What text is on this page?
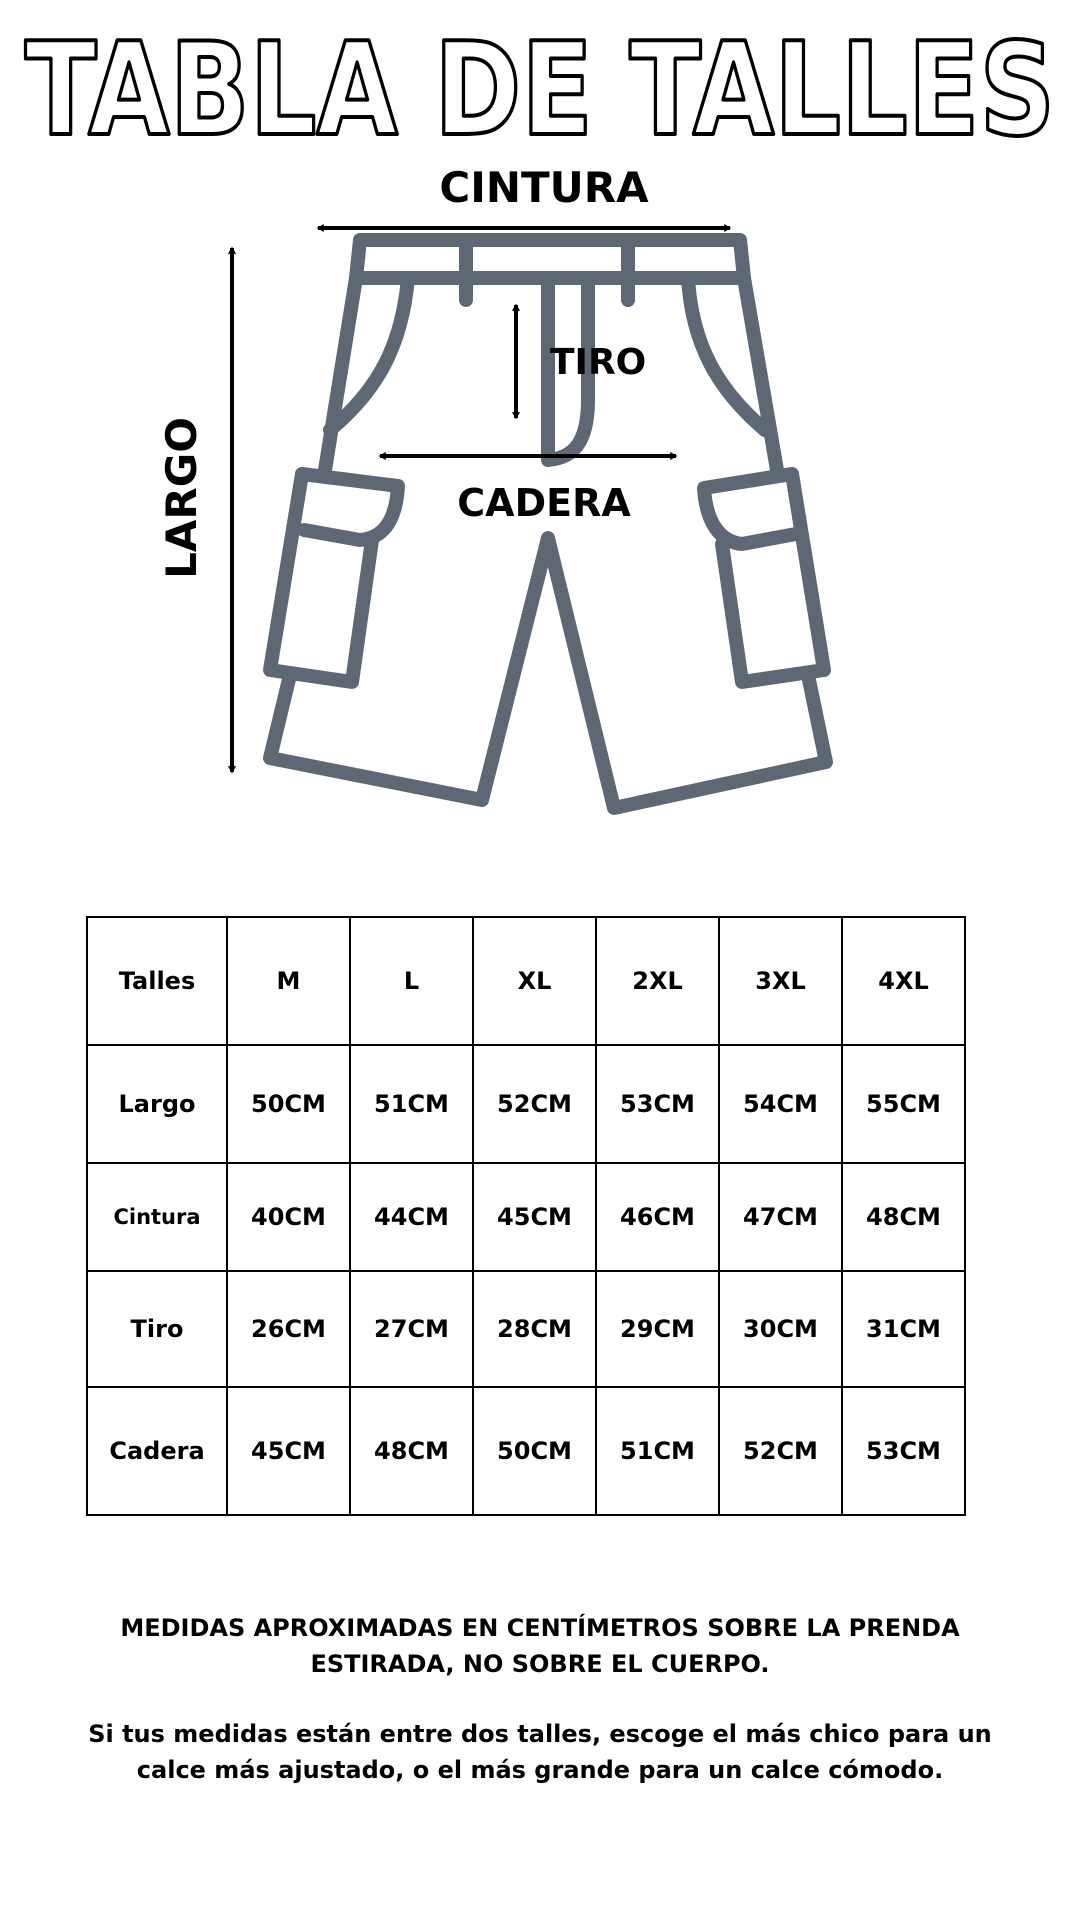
TABLA DE TALLES
CINTURA
LARGO
TIRO
CADERA
Talles	M	L	XL	2XL	3XL	4XL
Largo	50CM	51CM	52CM	53CM	54CM	55CM
Cintura	40CM	44CM	45CM	46CM	47CM	48CM
Tiro	26CM	27CM	28CM	29CM	30CM	31CM
Cadera	45CM	48CM	50CM	51CM	52CM	53CM

MEDIDAS APROXIMADAS EN CENTÍMETROS SOBRE LA PRENDA
ESTIRADA, NO SOBRE EL CUERPO.

Si tus medidas están entre dos talles, escoge el más chico para un
calce más ajustado, o el más grande para un calce cómodo.
